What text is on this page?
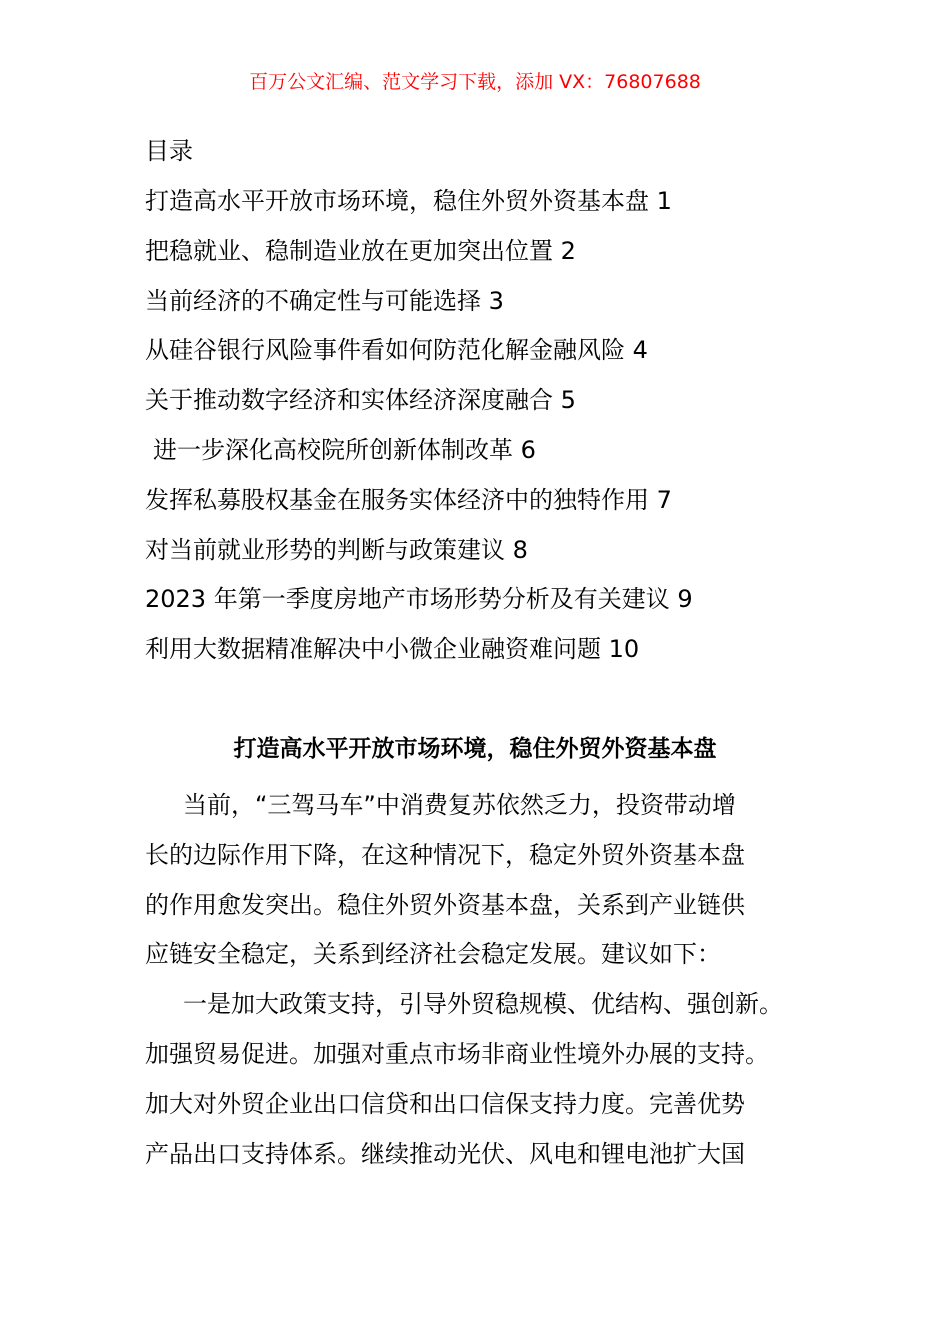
百万公文汇编、范文学习下载，添加 VX：76807688
目录
打造高水平开放市场环境，稳住外贸外资基本盘 1
把稳就业、稳制造业放在更加突出位置 2
当前经济的不确定性与可能选择 3
从硅谷银行风险事件看如何防范化解金融风险 4
关于推动数字经济和实体经济深度融合 5
进一步深化高校院所创新体制改革 6
发挥私募股权基金在服务实体经济中的独特作用 7
对当前就业形势的判断与政策建议 8
2023 年第一季度房地产市场形势分析及有关建议 9
利用大数据精准解决中小微企业融资难问题 10
打造高水平开放市场环境，稳住外贸外资基本盘

当前，“三驾马车”中消费复苏依然乏力，投资带动增
长的边际作用下降，在这种情况下，稳定外贸外资基本盘
的作用愈发突出。稳住外贸外资基本盘，关系到产业链供
应链安全稳定，关系到经济社会稳定发展。建议如下：

一是加大政策支持，引导外贸稳规模、优结构、强创新。
加强贸易促进。加强对重点市场非商业性境外办展的支持。
加大对外贸企业出口信贷和出口信保支持力度。完善优势
产品出口支持体系。继续推动光伏、风电和锂电池扩大国
